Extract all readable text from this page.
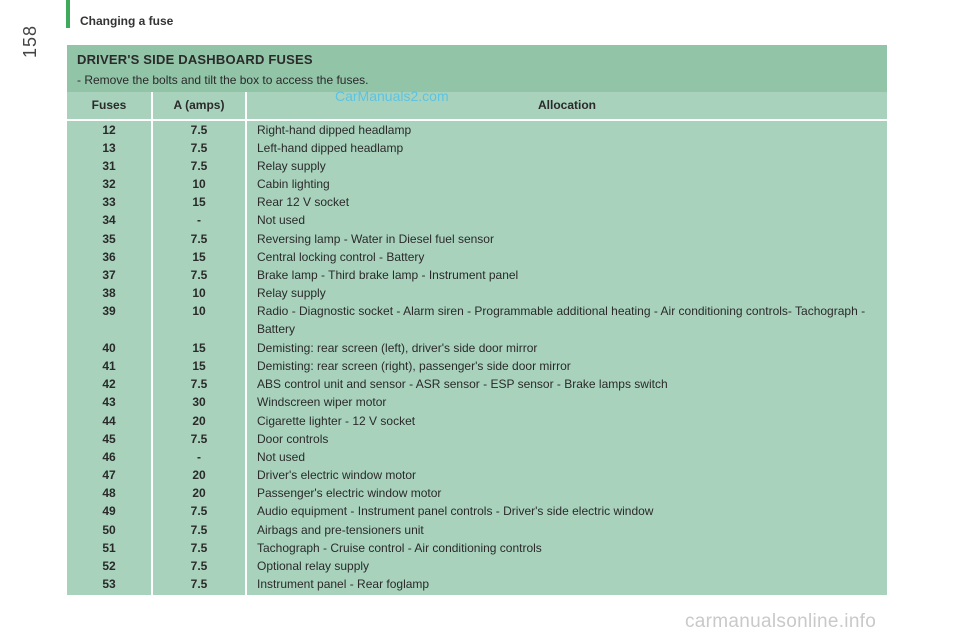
Changing a fuse
158
DRIVER'S SIDE DASHBOARD FUSES
- Remove the bolts and tilt the box to access the fuses.
Fuses	A (amps)	Allocation
12	7.5	Right-hand dipped headlamp
13	7.5	Left-hand dipped headlamp
31	7.5	Relay supply
32	10	Cabin lighting
33	15	Rear 12 V socket
34	-	Not used
35	7.5	Reversing lamp - Water in Diesel fuel sensor
36	15	Central locking control - Battery
37	7.5	Brake lamp - Third brake lamp - Instrument panel
38	10	Relay supply
39	10	Radio - Diagnostic socket - Alarm siren - Programmable additional heating - Air conditioning controls- Tachograph - Battery
40	15	Demisting: rear screen (left), driver's side door mirror
41	15	Demisting: rear screen (right), passenger's side door mirror
42	7.5	ABS control unit and sensor - ASR sensor - ESP sensor - Brake lamps switch
43	30	Windscreen wiper motor
44	20	Cigarette lighter - 12 V socket
45	7.5	Door controls
46	-	Not used
47	20	Driver's electric window motor
48	20	Passenger's electric window motor
49	7.5	Audio equipment - Instrument panel controls - Driver's side electric window
50	7.5	Airbags and pre-tensioners unit
51	7.5	Tachograph - Cruise control - Air conditioning controls
52	7.5	Optional relay supply
53	7.5	Instrument panel - Rear foglamp
CarManuals2.com
carmanualsonline.info
